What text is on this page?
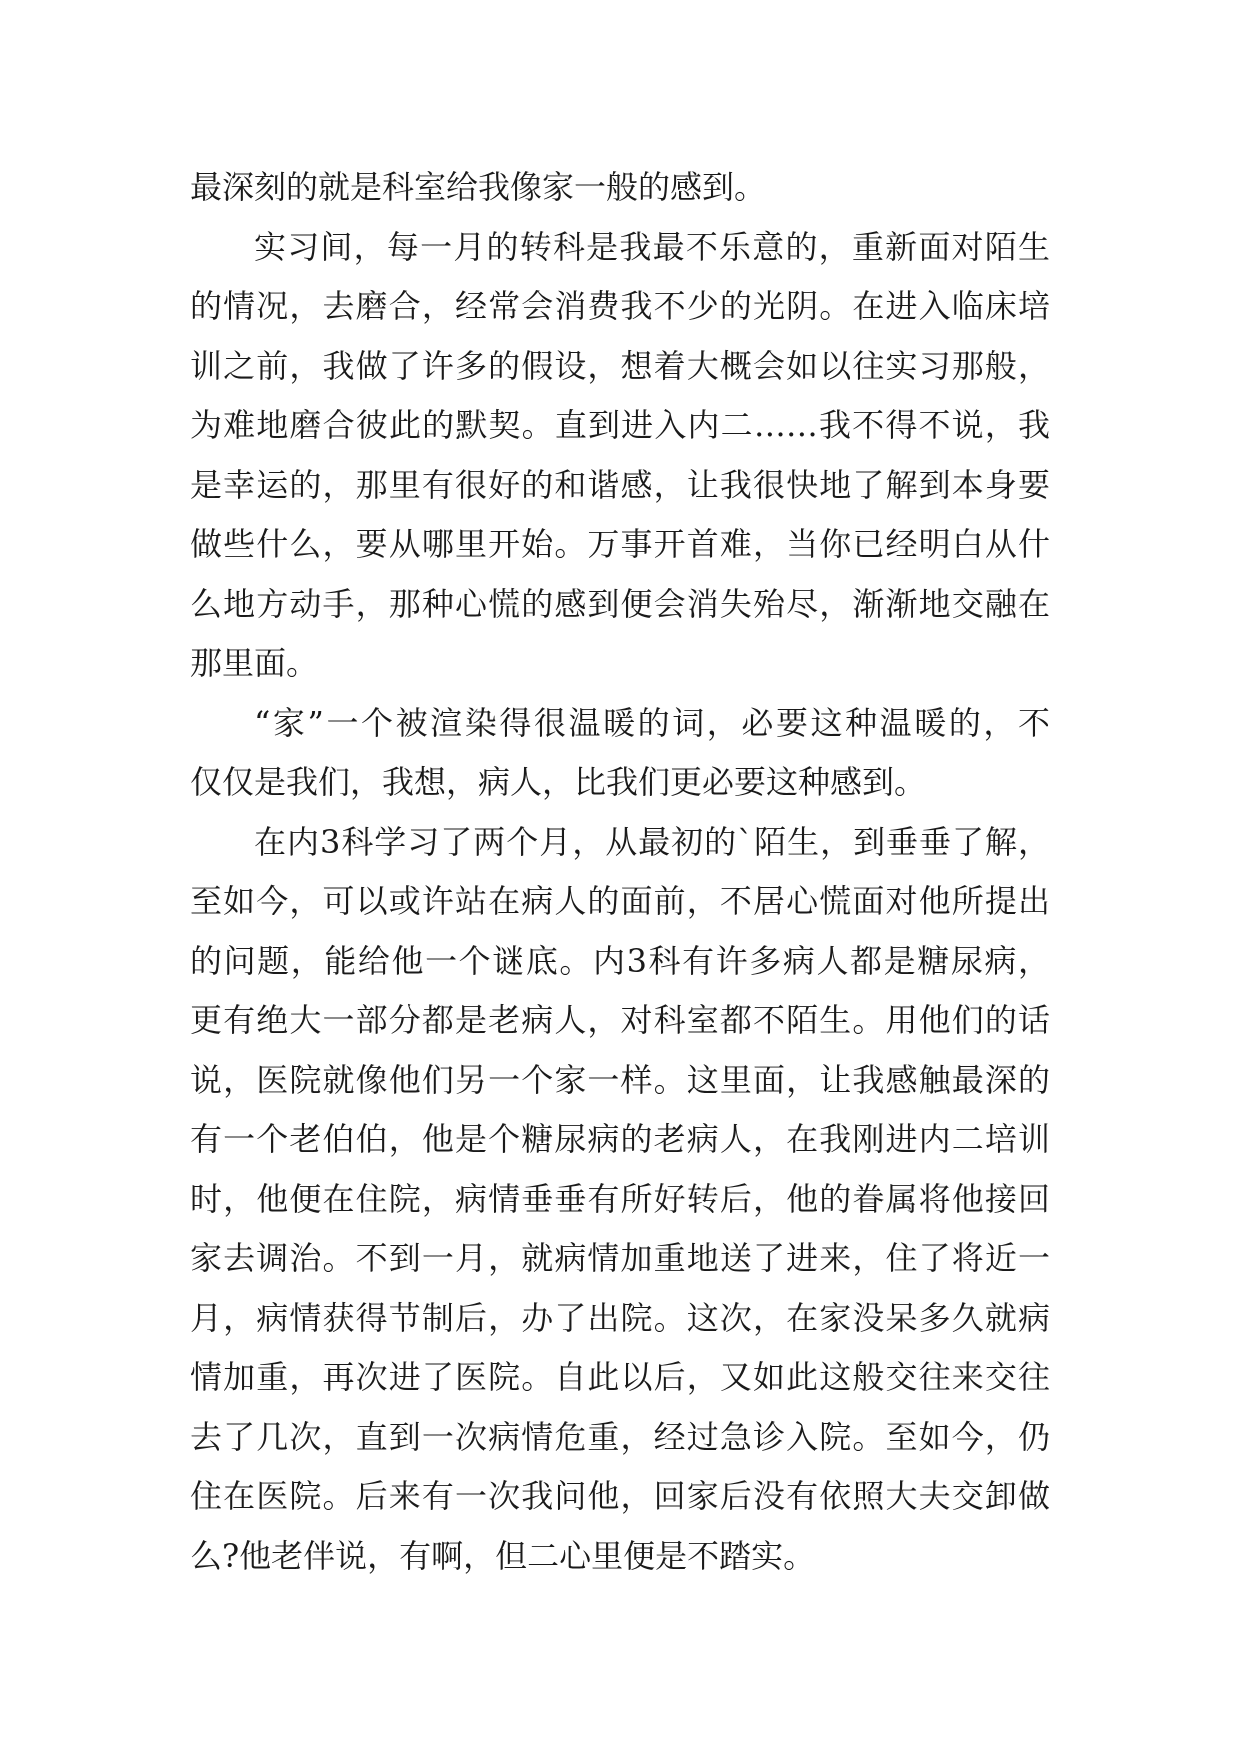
最深刻的就是科室给我像家一般的感到。
实习间，每一月的转科是我最不乐意的，重新面对陌生
的情况，去磨合，经常会消费我不少的光阴。在进入临床培
训之前，我做了许多的假设，想着大概会如以往实习那般，
为难地磨合彼此的默契。直到进入内二……我不得不说，我
是幸运的，那里有很好的和谐感，让我很快地了解到本身要
做些什么，要从哪里开始。万事开首难，当你已经明白从什
么地方动手，那种心慌的感到便会消失殆尽，渐渐地交融在
那里面。
“家”一个被渲染得很温暖的词，必要这种温暖的，不
仅仅是我们，我想，病人，比我们更必要这种感到。
在内3科学习了两个月，从最初的`陌生，到垂垂了解，
至如今，可以或许站在病人的面前，不居心慌面对他所提出
的问题，能给他一个谜底。内3科有许多病人都是糖尿病，
更有绝大一部分都是老病人，对科室都不陌生。用他们的话
说，医院就像他们另一个家一样。这里面，让我感触最深的
有一个老伯伯，他是个糖尿病的老病人，在我刚进内二培训
时，他便在住院，病情垂垂有所好转后，他的眷属将他接回
家去调治。不到一月，就病情加重地送了进来，住了将近一
月，病情获得节制后，办了出院。这次，在家没呆多久就病
情加重，再次进了医院。自此以后，又如此这般交往来交往
去了几次，直到一次病情危重，经过急诊入院。至如今，仍
住在医院。后来有一次我问他，回家后没有依照大夫交卸做
么?他老伴说，有啊，但二心里便是不踏实。
